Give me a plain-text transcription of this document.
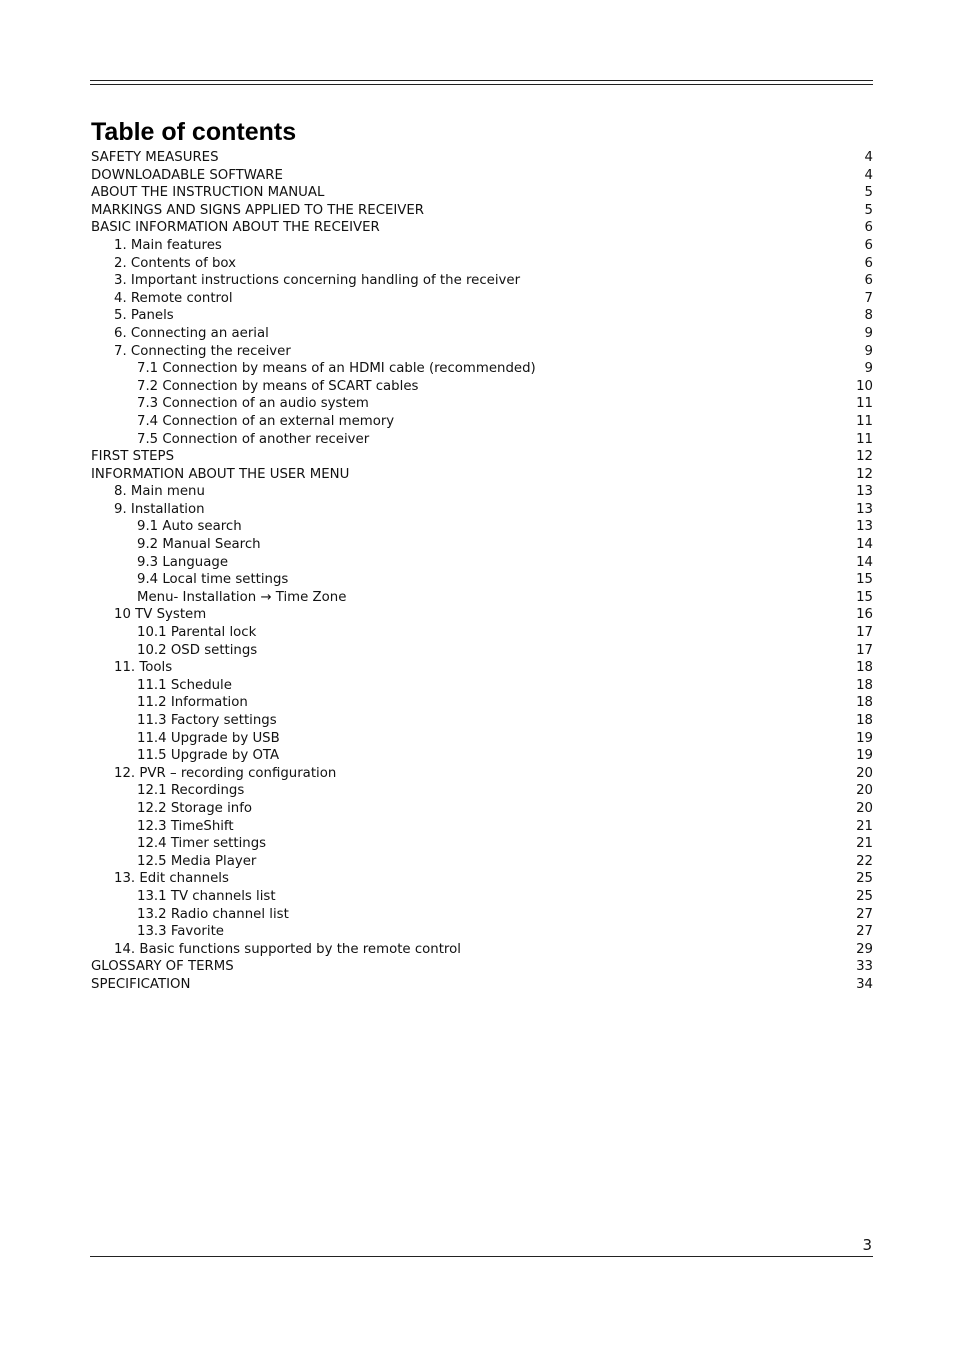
Table of contents
SAFETY MEASURES	4
DOWNLOADABLE SOFTWARE	4
ABOUT THE INSTRUCTION MANUAL	5
MARKINGS AND SIGNS APPLIED TO THE RECEIVER	5
BASIC INFORMATION ABOUT THE RECEIVER	6
1. Main features	6
2. Contents of box	6
3. Important instructions concerning handling of the receiver	6
4. Remote control	7
5. Panels	8
6. Connecting an aerial	9
7. Connecting the receiver	9
7.1 Connection by means of an HDMI cable (recommended)	9
7.2 Connection by means of SCART cables	10
7.3 Connection of an audio system	11
7.4 Connection of an external memory	11
7.5 Connection of another receiver	11
FIRST STEPS	12
INFORMATION ABOUT THE USER MENU	12
8. Main menu	13
9. Installation	13
9.1 Auto search	13
9.2 Manual Search	14
9.3 Language	14
9.4 Local time settings	15
Menu- Installation → Time Zone	15
10 TV System	16
10.1 Parental lock	17
10.2 OSD settings	17
11. Tools	18
11.1 Schedule	18
11.2 Information	18
11.3 Factory settings	18
11.4 Upgrade by USB	19
11.5 Upgrade by OTA	19
12. PVR – recording configuration	20
12.1 Recordings	20
12.2 Storage info	20
12.3 TimeShift	21
12.4 Timer settings	21
12.5 Media Player	22
13. Edit channels	25
13.1 TV channels list	25
13.2 Radio channel list	27
13.3 Favorite	27
14. Basic functions supported by the remote control	29
GLOSSARY OF TERMS	33
SPECIFICATION	34
3
